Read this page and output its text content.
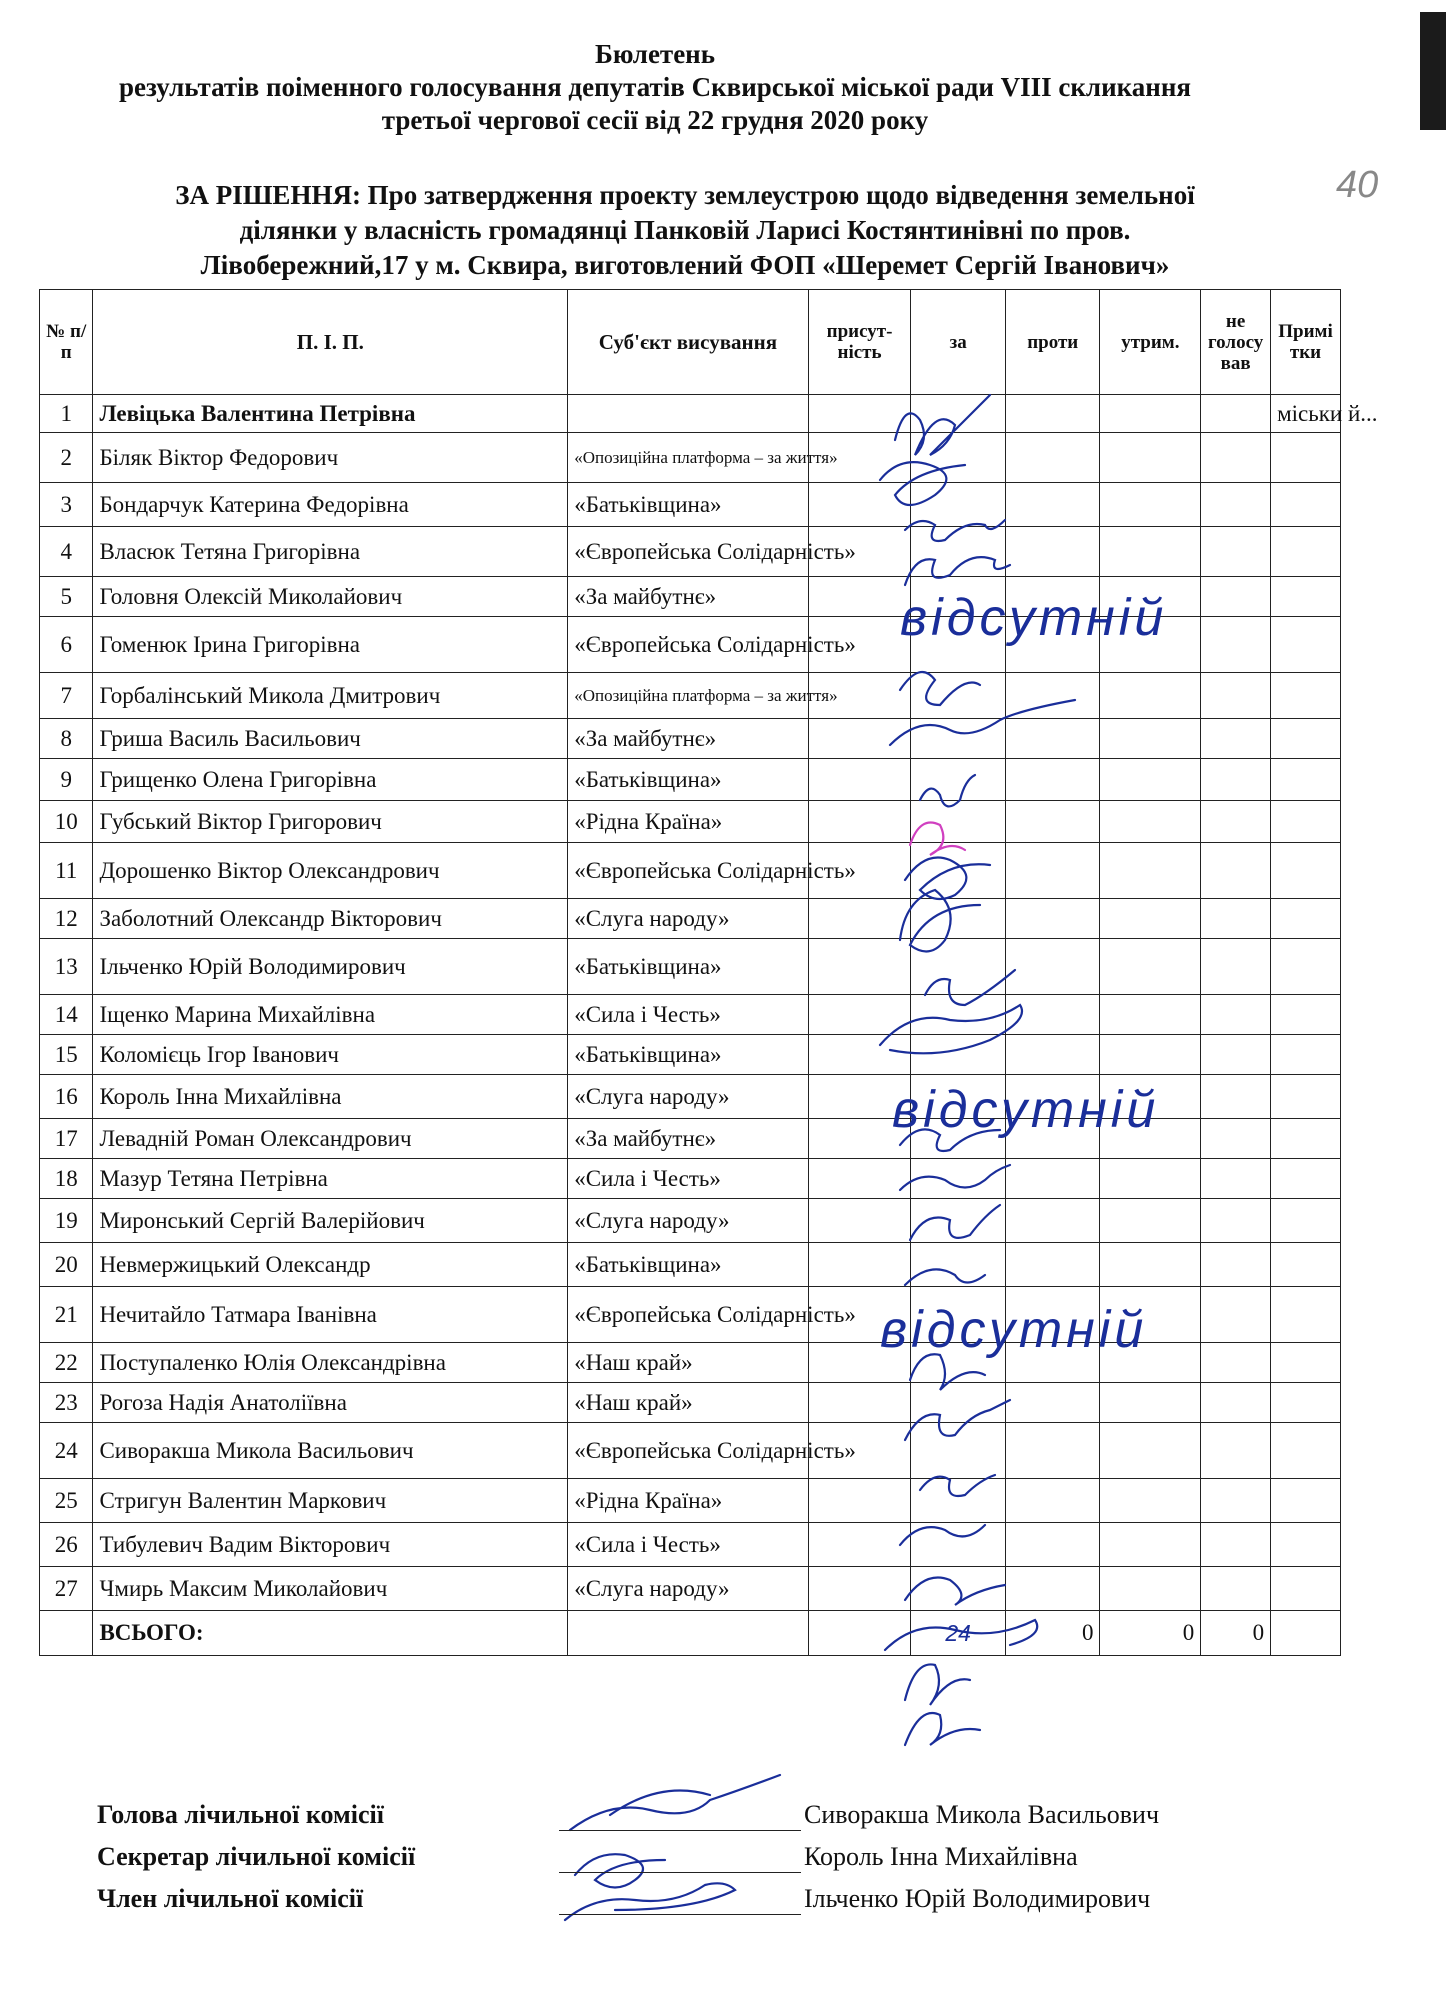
Бюлетень
результатів поіменного голосування депутатів Сквирської міської ради VIII скликання
третьої чергової сесії від 22 грудня 2020 року
40
ЗА РІШЕННЯ: Про затвердження проекту землеустрою щодо відведення земельної
ділянки у власність громадянці Панковій Ларисі Костянтинівні по пров.
Лівобережний,17 у м. Сквира, виготовлений ФОП «Шеремет Сергій Іванович»
№ п/п	П. І. П.	Суб'єкт висування	присут-ність	за	проти	утрим.	не голосу вав	Примі тки
1	Левіцька Валентина Петрівна							міськи й...
2	Біляк Віктор Федорович	«Опозиційна платформа – за життя»						
3	Бондарчук Катерина Федорівна	«Батьківщина»						
4	Власюк Тетяна Григорівна	«Європейська Солідарність»						
5	Головня Олексій Миколайович	«За майбутнє»						
6	Гоменюк Ірина Григорівна	«Європейська Солідарність»						
7	Горбалінський Микола Дмитрович	«Опозиційна платформа – за життя»						
8	Гриша Василь Васильович	«За майбутнє»						
9	Грищенко Олена Григорівна	«Батьківщина»						
10	Губський Віктор Григорович	«Рідна Країна»						
11	Дорошенко Віктор Олександрович	«Європейська Солідарність»						
12	Заболотний Олександр Вікторович	«Слуга народу»						
13	Ільченко Юрій Володимирович	«Батьківщина»						
14	Іщенко Марина Михайлівна	«Сила і Честь»						
15	Коломієць Ігор Іванович	«Батьківщина»						
16	Король Інна Михайлівна	«Слуга народу»						
17	Левадній Роман Олександрович	«За майбутнє»						
18	Мазур Тетяна Петрівна	«Сила і Честь»						
19	Миронський Сергій Валерійович	«Слуга народу»						
20	Невмержицький Олександр	«Батьківщина»						
21	Нечитайло Татмара Іванівна	«Європейська Солідарність»						
22	Поступаленко Юлія Олександрівна	«Наш край»						
23	Рогоза Надія Анатоліївна	«Наш край»						
24	Сиворакша Микола Васильович	«Європейська Солідарність»						
25	Стригун Валентин Маркович	«Рідна Країна»						
26	Тибулевич Вадим Вікторович	«Сила і Честь»						
27	Чмирь Максим Миколайович	«Слуга народу»						
	ВСЬОГО:			24	0	0	0	
відсутній
відсутній
відсутній
Голова лічильної комісії	Сиворакша Микола Васильович
Секретар лічильної комісії	Король Інна Михайлівна
Член лічильної комісії	Ільченко Юрій Володимирович
